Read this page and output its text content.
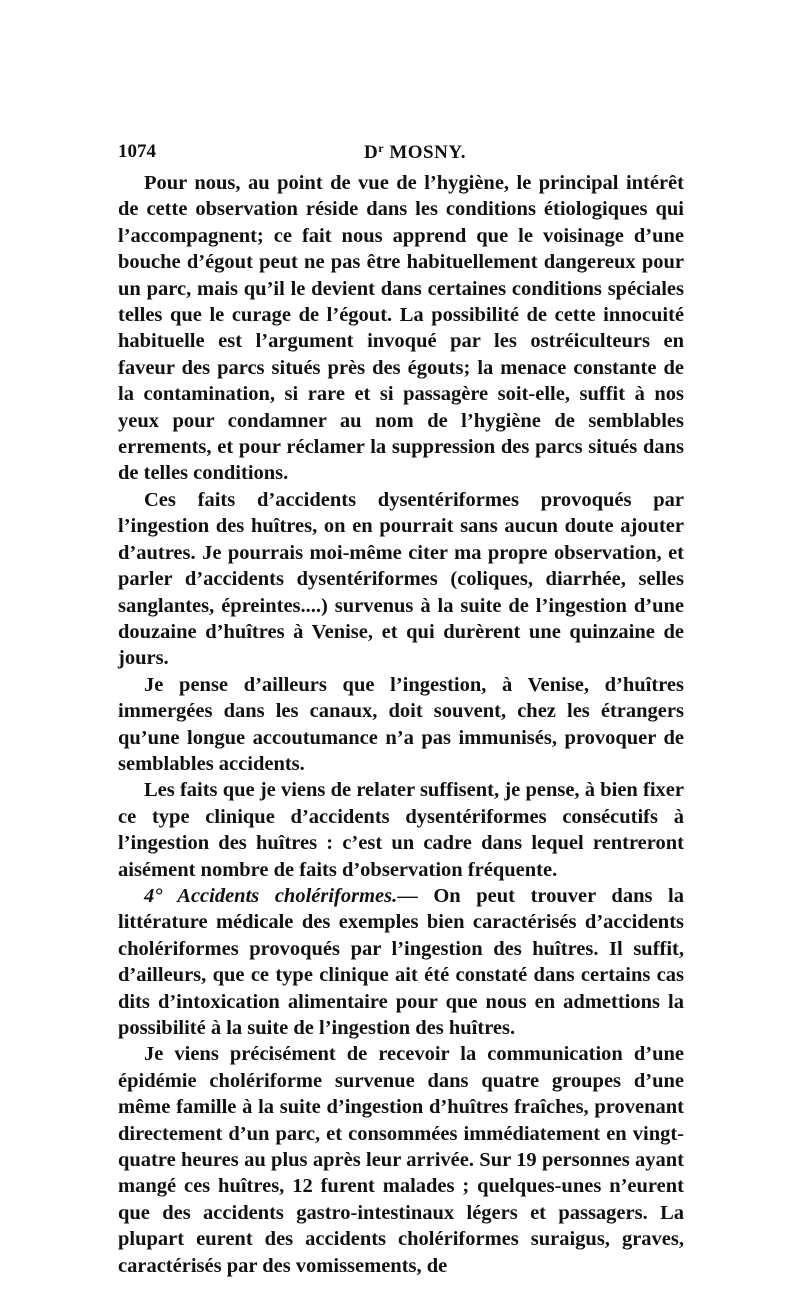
1074	$D^r$ MOSNY.

Pour nous, au point de vue de l’hygiène, le principal intérêt de cette observation réside dans les conditions étiologiques qui l’accompagnent; ce fait nous apprend que le voisinage d’une bouche d’égout peut ne pas être habituellement dangereux pour un parc, mais qu’il le devient dans certaines conditions spéciales telles que le curage de l’égout. La possibilité de cette innocuité habituelle est l’argument invoqué par les ostréiculteurs en faveur des parcs situés près des égouts; la menace constante de la contamination, si rare et si passagère soit-elle, suffit à nos yeux pour condamner au nom de l’hygiène de semblables errements, et pour réclamer la suppression des parcs situés dans de telles conditions.

Ces faits d’accidents dysentériformes provoqués par l’ingestion des huîtres, on en pourrait sans aucun doute ajouter d’autres. Je pourrais moi-même citer ma propre observation, et parler d’accidents dysentériformes (coliques, diarrhée, selles sanglantes, épreintes....) survenus à la suite de l’ingestion d’une douzaine d’huîtres à Venise, et qui durèrent une quinzaine de jours.

Je pense d’ailleurs que l’ingestion, à Venise, d’huîtres immergées dans les canaux, doit souvent, chez les étrangers qu’une longue accoutumance n’a pas immunisés, provoquer de semblables accidents.

Les faits que je viens de relater suffisent, je pense, à bien fixer ce type clinique d’accidents dysentériformes consécutifs à l’ingestion des huîtres : c’est un cadre dans lequel rentreront aisément nombre de faits d’observation fréquente.

4° Accidents cholériformes.— On peut trouver dans la littérature médicale des exemples bien caractérisés d’accidents cholériformes provoqués par l’ingestion des huîtres. Il suffit, d’ailleurs, que ce type clinique ait été constaté dans certains cas dits d’intoxication alimentaire pour que nous en admettions la possibilité à la suite de l’ingestion des huîtres.

Je viens précisément de recevoir la communication d’une épidémie cholériforme survenue dans quatre groupes d’une même famille à la suite d’ingestion d’huîtres fraîches, provenant directement d’un parc, et consommées immédiatement en vingt-quatre heures au plus après leur arrivée. Sur 19 personnes ayant mangé ces huîtres, 12 furent malades ; quelques-unes n’eurent que des accidents gastro-intestinaux légers et passagers. La plupart eurent des accidents cholériformes suraigus, graves, caractérisés par des vomissements, de
